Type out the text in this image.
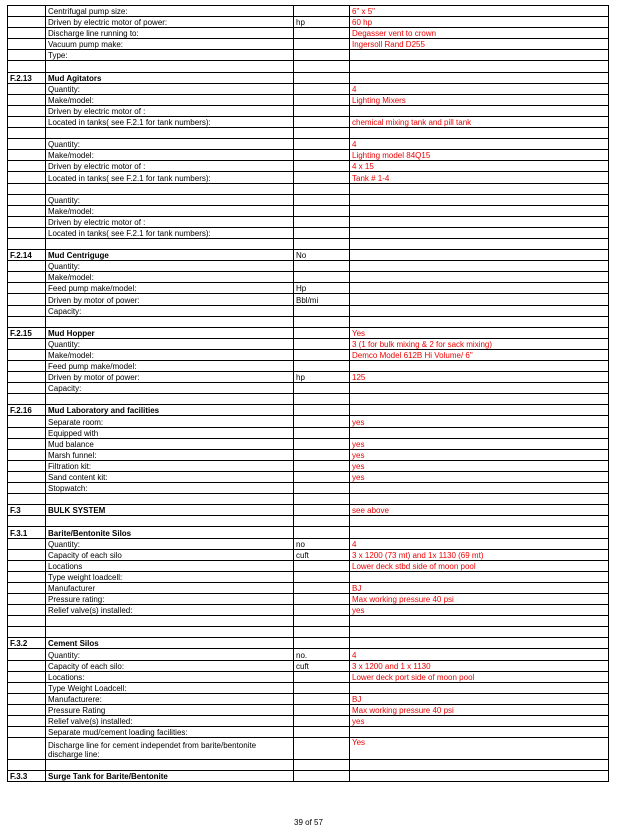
	Centrifugal pump size:		6" x 5"
	Driven by electric motor of power:	hp	60 hp
	Discharge line running to:		Degasser vent to crown
	Vacuum pump make:		Ingersoll Rand D255
	Type:		

F.2.13	Mud Agitators		
	Quantity:		4
	Make/model:		Lighting Mixers
	Driven by electric motor of :		
	Located in tanks( see F.2.1 for tank numbers):		chemical mixing tank and pill tank

	Quantity:		4
	Make/model:		Lighting model 84Q15
	Driven by electric motor of :		4 x 15
	Located in tanks( see F.2.1 for tank numbers):		Tank # 1-4

	Quantity:		
	Make/model:		
	Driven by electric motor of :		
	Located in tanks( see F.2.1 for tank numbers):		

F.2.14	Mud Centriguge	No	
	Quantity:		
	Make/model:		
	Feed pump make/model:	Hp	
	Driven by motor of power:	Bbl/mi	
	Capacity:		

F.2.15	Mud Hopper		Yes
	Quantity:		3 (1 for bulk mixing & 2 for sack mixing)
	Make/model:		Demco Model 612B Hi Volume/ 6"
	Feed pump make/model:		
	Driven by motor of power:	hp	125
	Capacity:		

F.2.16	Mud Laboratory and facilities		
	Separate room:		yes
	Equipped with		
	Mud balance		yes
	Marsh funnel:		yes
	Filtration kit:		yes
	Sand content kit:		yes
	Stopwatch:		

F.3	BULK SYSTEM		see above

F.3.1	Barite/Bentonite Silos		
	Quantity:	no	4
	Capacity of each silo	cuft	3 x 1200 (73 mt) and 1x 1130 (69 mt)
	Locations		Lower deck stbd side of moon pool
	Type weight loadcell:		
	Manufacturer		BJ
	Pressure rating:		Max working pressure 40 psi
	Relief valve(s) installed:		yes

F.3.2	Cement Silos		
	Quantity:	no.	4
	Capacity of each silo:	cuft	3 x 1200 and 1 x 1130
	Locations:		Lower deck port side of moon pool
	Type Weight Loadcell:		
	Manufacturere:		BJ
	Pressure Rating		Max working pressure 40 psi
	Relief valve(s) installed:		yes
	Separate mud/cement loading facilities:		
	Discharge line for cement independet from barite/bentonite discharge line:		Yes

F.3.3	Surge Tank for Barite/Bentonite		
39 of 57
